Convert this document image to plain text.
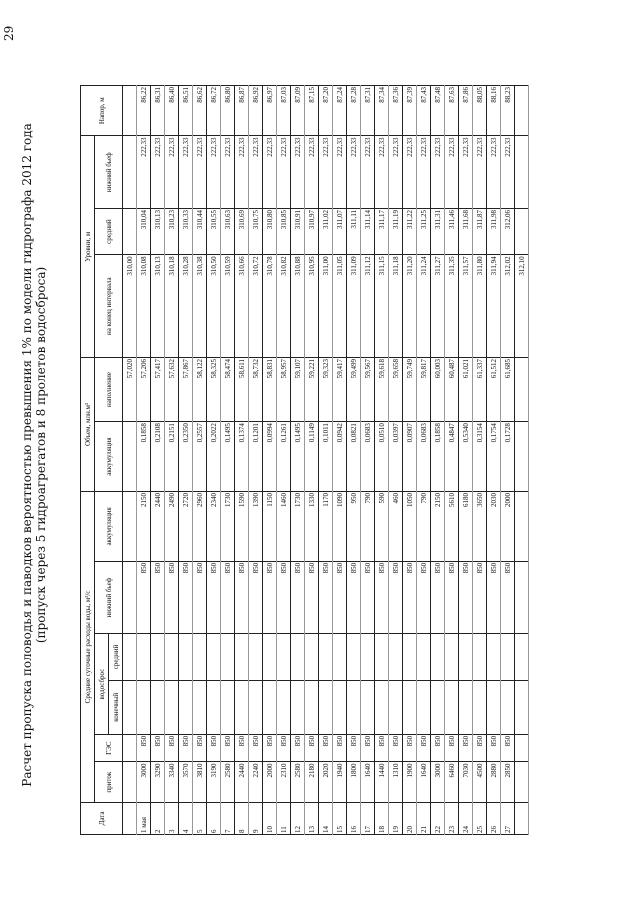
29
Расчет пропуска половодья и паводков вероятностью превышения 1% по модели гидрографа 2012 года (пропуск через 5 гидроагрегатов и 8 пролетов водосброса)
Дата	Средние суточные расходы воды, м³/с						Объем, млн.м³		Уровни, м			Напор, м
	приток	ГЭС	водосброс		нижний бьеф	аккумуляция	аккумуляция	наполнение	на конец интервала	средний	нижний бьеф	
			конечный	средний								
								57,020	310,00			
1 мая	3000	850			850	2150	0,1858	57,206	310,08	310,04	222,33	86,22
2	3290	850			850	2440	0,2108	57,417	310,13	310,13	222,33	86,31
3	3340	850			850	2490	0,2151	57,632	310,18	310,23	222,33	86,40
4	3570	850			850	2720	0,2350	57,867	310,28	310,33	222,33	86,51
5	3810	850			850	2960	0,2557	58,122	310,38	310,44	222,33	86,62
6	3190	850			850	2340	0,2022	58,325	310,50	310,55	222,33	86,72
7	2580	850			850	1730	0,1495	58,474	310,59	310,63	222,33	86,80
8	2440	850			850	1590	0,1374	58,611	310,66	310,69	222,33	86,87
9	2240	850			850	1390	0,1201	58,732	310,72	310,75	222,33	86,92
10	2000	850			850	1150	0,0994	58,831	310,78	310,80	222,33	86,97
11	2310	850			850	1460	0,1261	58,957	310,82	310,85	222,33	87,03
12	2580	850			850	1730	0,1495	59,107	310,88	310,91	222,33	87,09
13	2180	850			850	1330	0,1149	59,221	310,95	310,97	222,33	87,15
14	2020	850			850	1170	0,1011	59,323	311,00	311,02	222,33	87,20
15	1940	850			850	1090	0,0942	59,417	311,05	311,07	222,33	87,24
16	1800	850			850	950	0,0821	59,499	311,09	311,11	222,33	87,28
17	1640	850			850	790	0,0683	59,567	311,12	311,14	222,33	87,31
18	1440	850			850	590	0,0510	59,618	311,15	311,17	222,33	87,34
19	1310	850			850	460	0,0397	59,658	311,18	311,19	222,33	87,36
20	1900	850			850	1050	0,0907	59,749	311,20	311,22	222,33	87,39
21	1640	850			850	790	0,0683	59,817	311,24	311,25	222,33	87,43
22	3000	850			850	2150	0,1858	60,003	311,27	311,31	222,33	87,48
23	6460	850			850	5610	0,4847	60,487	311,35	311,46	222,33	87,63
24	7030	850			850	6180	0,5340	61,021	311,57	311,68	222,33	87,86
25	4500	850			850	3650	0,3154	61,337	311,80	311,87	222,33	88,05
26	2880	850			850	2030	0,1754	61,512	311,94	311,98	222,33	88,16
27	2850	850			850	2000	0,1728	61,685	312,02	312,06	222,33	88,23
									312,10			
